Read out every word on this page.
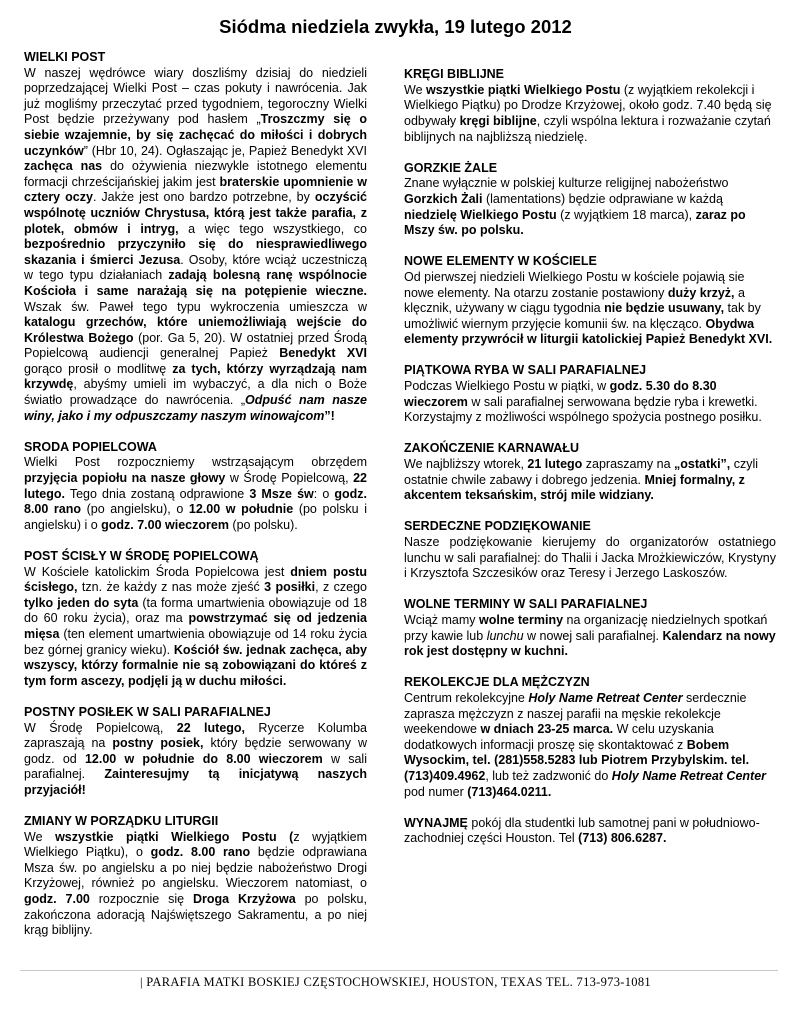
Siódma niedziela zwykła, 19 lutego 2012
WIELKI POST

W naszej wędrówce wiary doszliśmy dzisiaj do niedzieli poprzedzającej Wielki Post – czas pokuty i nawrócenia. Jak już mogliśmy przeczytać przed tygodniem, tegoroczny Wielki Post będzie przeżywany pod hasłem „Troszczmy się o siebie wzajemnie, by się zachęcać do miłości i dobrych uczynków” (Hbr 10, 24). Ogłaszając je, Papież Benedykt XVI zachęca nas do ożywienia niezwykle istotnego elementu formacji chrześcijańskiej jakim jest braterskie upomnienie w cztery oczy. Jakże jest ono bardzo potrzebne, by oczyścić wspólnotę uczniów Chrystusa, którą jest także parafia, z plotek, obmów i intryg, a więc tego wszystkiego, co bezpośrednio przyczyniło się do niesprawiedliwego skazania i śmierci Jezusa. Osoby, które wciąż uczestniczą w tego typu działaniach zadają bolesną ranę wspólnocie Kościoła i same narażają się na potępienie wieczne. Wszak św. Paweł tego typu wykroczenia umieszcza w katalogu grzechów, które uniemożliwiają wejście do Królestwa Bożego (por. Ga 5, 20). W ostatniej przed Środą Popielcową audiencji generalnej Papież Benedykt XVI gorąco prosił o modlitwę za tych, którzy wyrządzają nam krzywdę, abyśmy umieli im wybaczyć, a dla nich o Boże światło prowadzące do nawrócenia. „Odpuść nam nasze winy, jako i my odpuszczamy naszym winowajcom”!

SRODA POPIELCOWA

Wielki Post rozpoczniemy wstrząsającym obrzędem przyjęcia popiołu na nasze głowy w Środę Popielcową, 22 lutego. Tego dnia zostaną odprawione 3 Msze św: o godz. 8.00 rano (po angielsku), o 12.00 w południe (po polsku i angielsku) i o godz. 7.00 wieczorem (po polsku).

POST ŚCISŁY W ŚRODĘ POPIELCOWĄ

W Kościele katolickim Środa Popielcowa jest dniem postu ścisłego, tzn. że każdy z nas może zjeść 3 posiłki, z czego tylko jeden do syta (ta forma umartwienia obowiązuje od 18 do 60 roku życia), oraz ma powstrzymać się od jedzenia mięsa (ten element umartwienia obowiązuje od 14 roku życia bez górnej granicy wieku). Kościół św. jednak zachęca, aby wszyscy, którzy formalnie nie są zobowiązani do któreś z tym form ascezy, podjęli ją w duchu miłości.

POSTNY POSIŁEK W SALI PARAFIALNEJ

W Środę Popielcową, 22 lutego, Rycerze Kolumba zapraszają na postny posiek, który będzie serwowany w godz. od 12.00 w południe do 8.00 wieczorem w sali parafialnej. Zainteresujmy tą inicjatywą naszych przyjaciół!

ZMIANY W PORZĄDKU LITURGII

We wszystkie piątki Wielkiego Postu (z wyjątkiem Wielkiego Piątku), o godz. 8.00 rano będzie odprawiana Msza św. po angielsku a po niej będzie nabożeństwo Drogi Krzyżowej, również po angielsku. Wieczorem natomiast, o godz. 7.00 rozpocznie się Droga Krzyżowa po polsku, zakończona adoracją Najświętszego Sakramentu, a po niej krąg biblijny.

KRĘGI BIBLIJNE

We wszystkie piątki Wielkiego Postu (z wyjątkiem rekolekcji i Wielkiego Piątku) po Drodze Krzyżowej, około godz. 7.40 będą się odbywały kręgi biblijne, czyli wspólna lektura i rozważanie czytań biblijnych na najbliższą niedzielę.

GORZKIE ŻALE

Znane wyłącznie w polskiej kulturze religijnej nabożeństwo Gorzkich Żali (lamentations) będzie odprawiane w każdą niedzielę Wielkiego Postu (z wyjątkiem 18 marca), zaraz po Mszy św. po polsku.

NOWE ELEMENTY W KOŚCIELE

Od pierwszej niedzieli Wielkiego Postu w kościele pojawią sie nowe elementy. Na otarzu zostanie postawiony duży krzyż, a klęcznik, używany w ciągu tygodnia nie będzie usuwany, tak by umożliwić wiernym przyjęcie komunii św. na klęcząco. Obydwa elementy przywrócił w liturgii katolickiej Papież Benedykt XVI.

PIĄTKOWA RYBA W SALI PARAFIALNEJ

Podczas Wielkiego Postu w piątki, w godz. 5.30 do 8.30 wieczorem w sali parafialnej serwowana będzie ryba i krewetki. Korzystajmy z możliwości wspólnego spożycia postnego posiłku.

ZAKOŃCZENIE KARNAWAŁU

We najbliższy wtorek, 21 lutego zapraszamy na „ostatki”, czyli ostatnie chwile zabawy i dobrego jedzenia. Mniej formalny, z akcentem teksańskim, strój mile widziany.

SERDECZNE PODZIĘKOWANIE

Nasze podziękowanie kierujemy do organizatorów ostatniego lunchu w sali parafialnej: do Thalii i Jacka Mrożkiewiczów, Krystyny i Krzysztofa Szczesików oraz Teresy i Jerzego Laskoszów.

WOLNE TERMINY W SALI PARAFIALNEJ

Wciąż mamy wolne terminy na organizację niedzielnych spotkań przy kawie lub lunchu w nowej sali parafialnej. Kalendarz na nowy rok jest dostępny w kuchni.

REKOLEKCJE DLA MĘŻCZYZN

Centrum rekolekcyjne Holy Name Retreat Center serdecznie zaprasza mężczyzn z naszej parafii na męskie rekolekcje weekendowe w dniach 23-25 marca. W celu uzyskania dodatkowych informacji proszę się skontaktować z Bobem Wysockim, tel. (281)558.5283 lub Piotrem Przybylskim. tel. (713)409.4962, lub też zadzwonić do Holy Name Retreat Center pod numer (713)464.0211.

WYNAJMĘ pokój dla studentki lub samotnej pani w południowo-zachodniej części Houston. Tel (713) 806.6287.

| PARAFIA MATKI BOSKIEJ CZĘSTOCHOWSKIEJ, HOUSTON, TEXAS TEL. 713-973-1081
